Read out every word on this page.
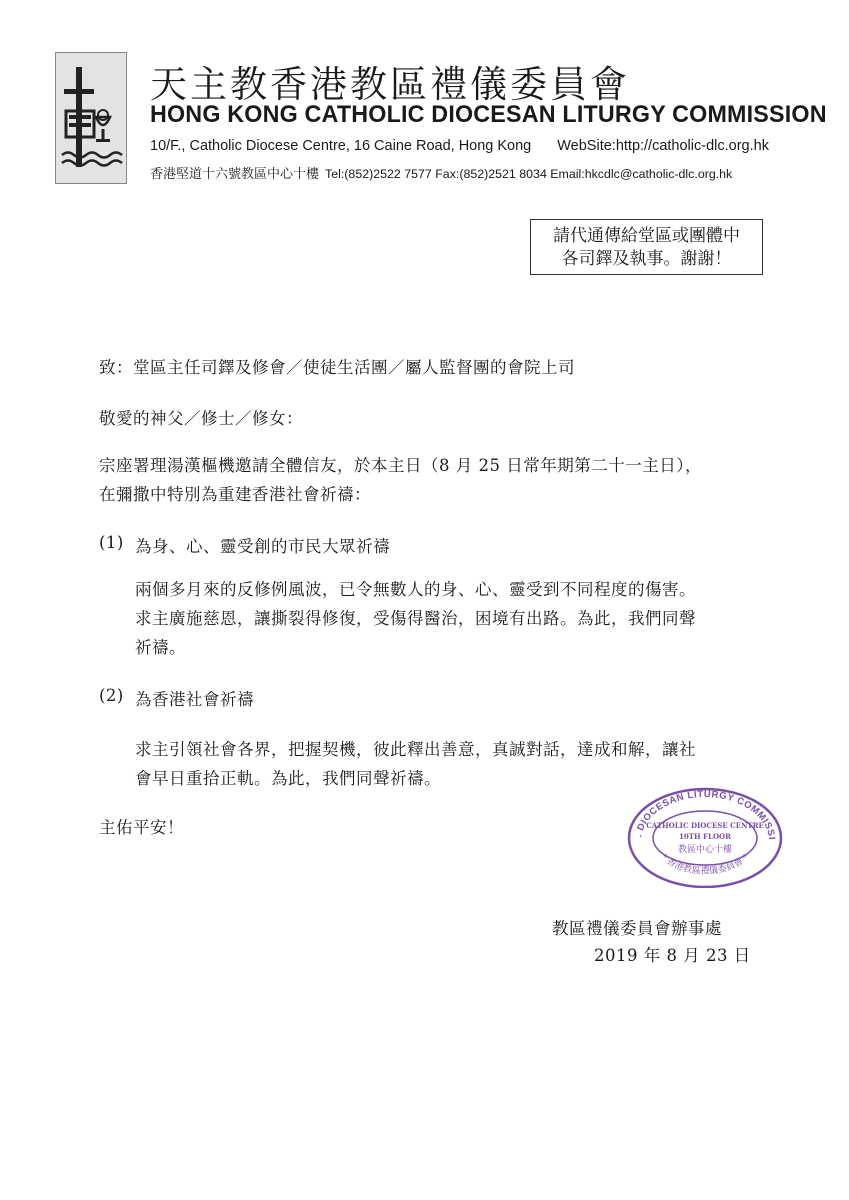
天主教香港教區禮儀委員會
HONG KONG CATHOLIC DIOCESAN LITURGY COMMISSION
10/F., Catholic Diocese Centre, 16 Caine Road, Hong Kong WebSite:http://catholic-dlc.org.hk
香港堅道十六號教區中心十樓 Tel:(852)2522 7577 Fax:(852)2521 8034 Email:hkcdlc@catholic-dlc.org.hk
請代通傳給堂區或團體中
各司鐸及執事。謝謝！
致：堂區主任司鐸及修會／使徒生活團／屬人監督團的會院上司
敬愛的神父／修士／修女：
宗座署理湯漢樞機邀請全體信友，於本主日（8 月 25 日常年期第二十一主日），
在彌撒中特別為重建香港社會祈禱：
(1) 為身、心、靈受創的市民大眾祈禱
兩個多月來的反修例風波，已令無數人的身、心、靈受到不同程度的傷害。
求主廣施慈恩，讓撕裂得修復，受傷得醫治，困境有出路。為此，我們同聲
祈禱。
(2) 為香港社會祈禱
求主引領社會各界，把握契機，彼此釋出善意，真誠對話，達成和解，讓社
會早日重拾正軌。為此，我們同聲祈禱。
主佑平安！
教區禮儀委員會辦事處
2019 年 8 月 23 日
. DIOCESAN LITURGY COMMISSI
* 香港教區禮儀委員會 *
CATHOLIC DIOCESE CENTRE
10TH FLOOR
教區中心十樓
